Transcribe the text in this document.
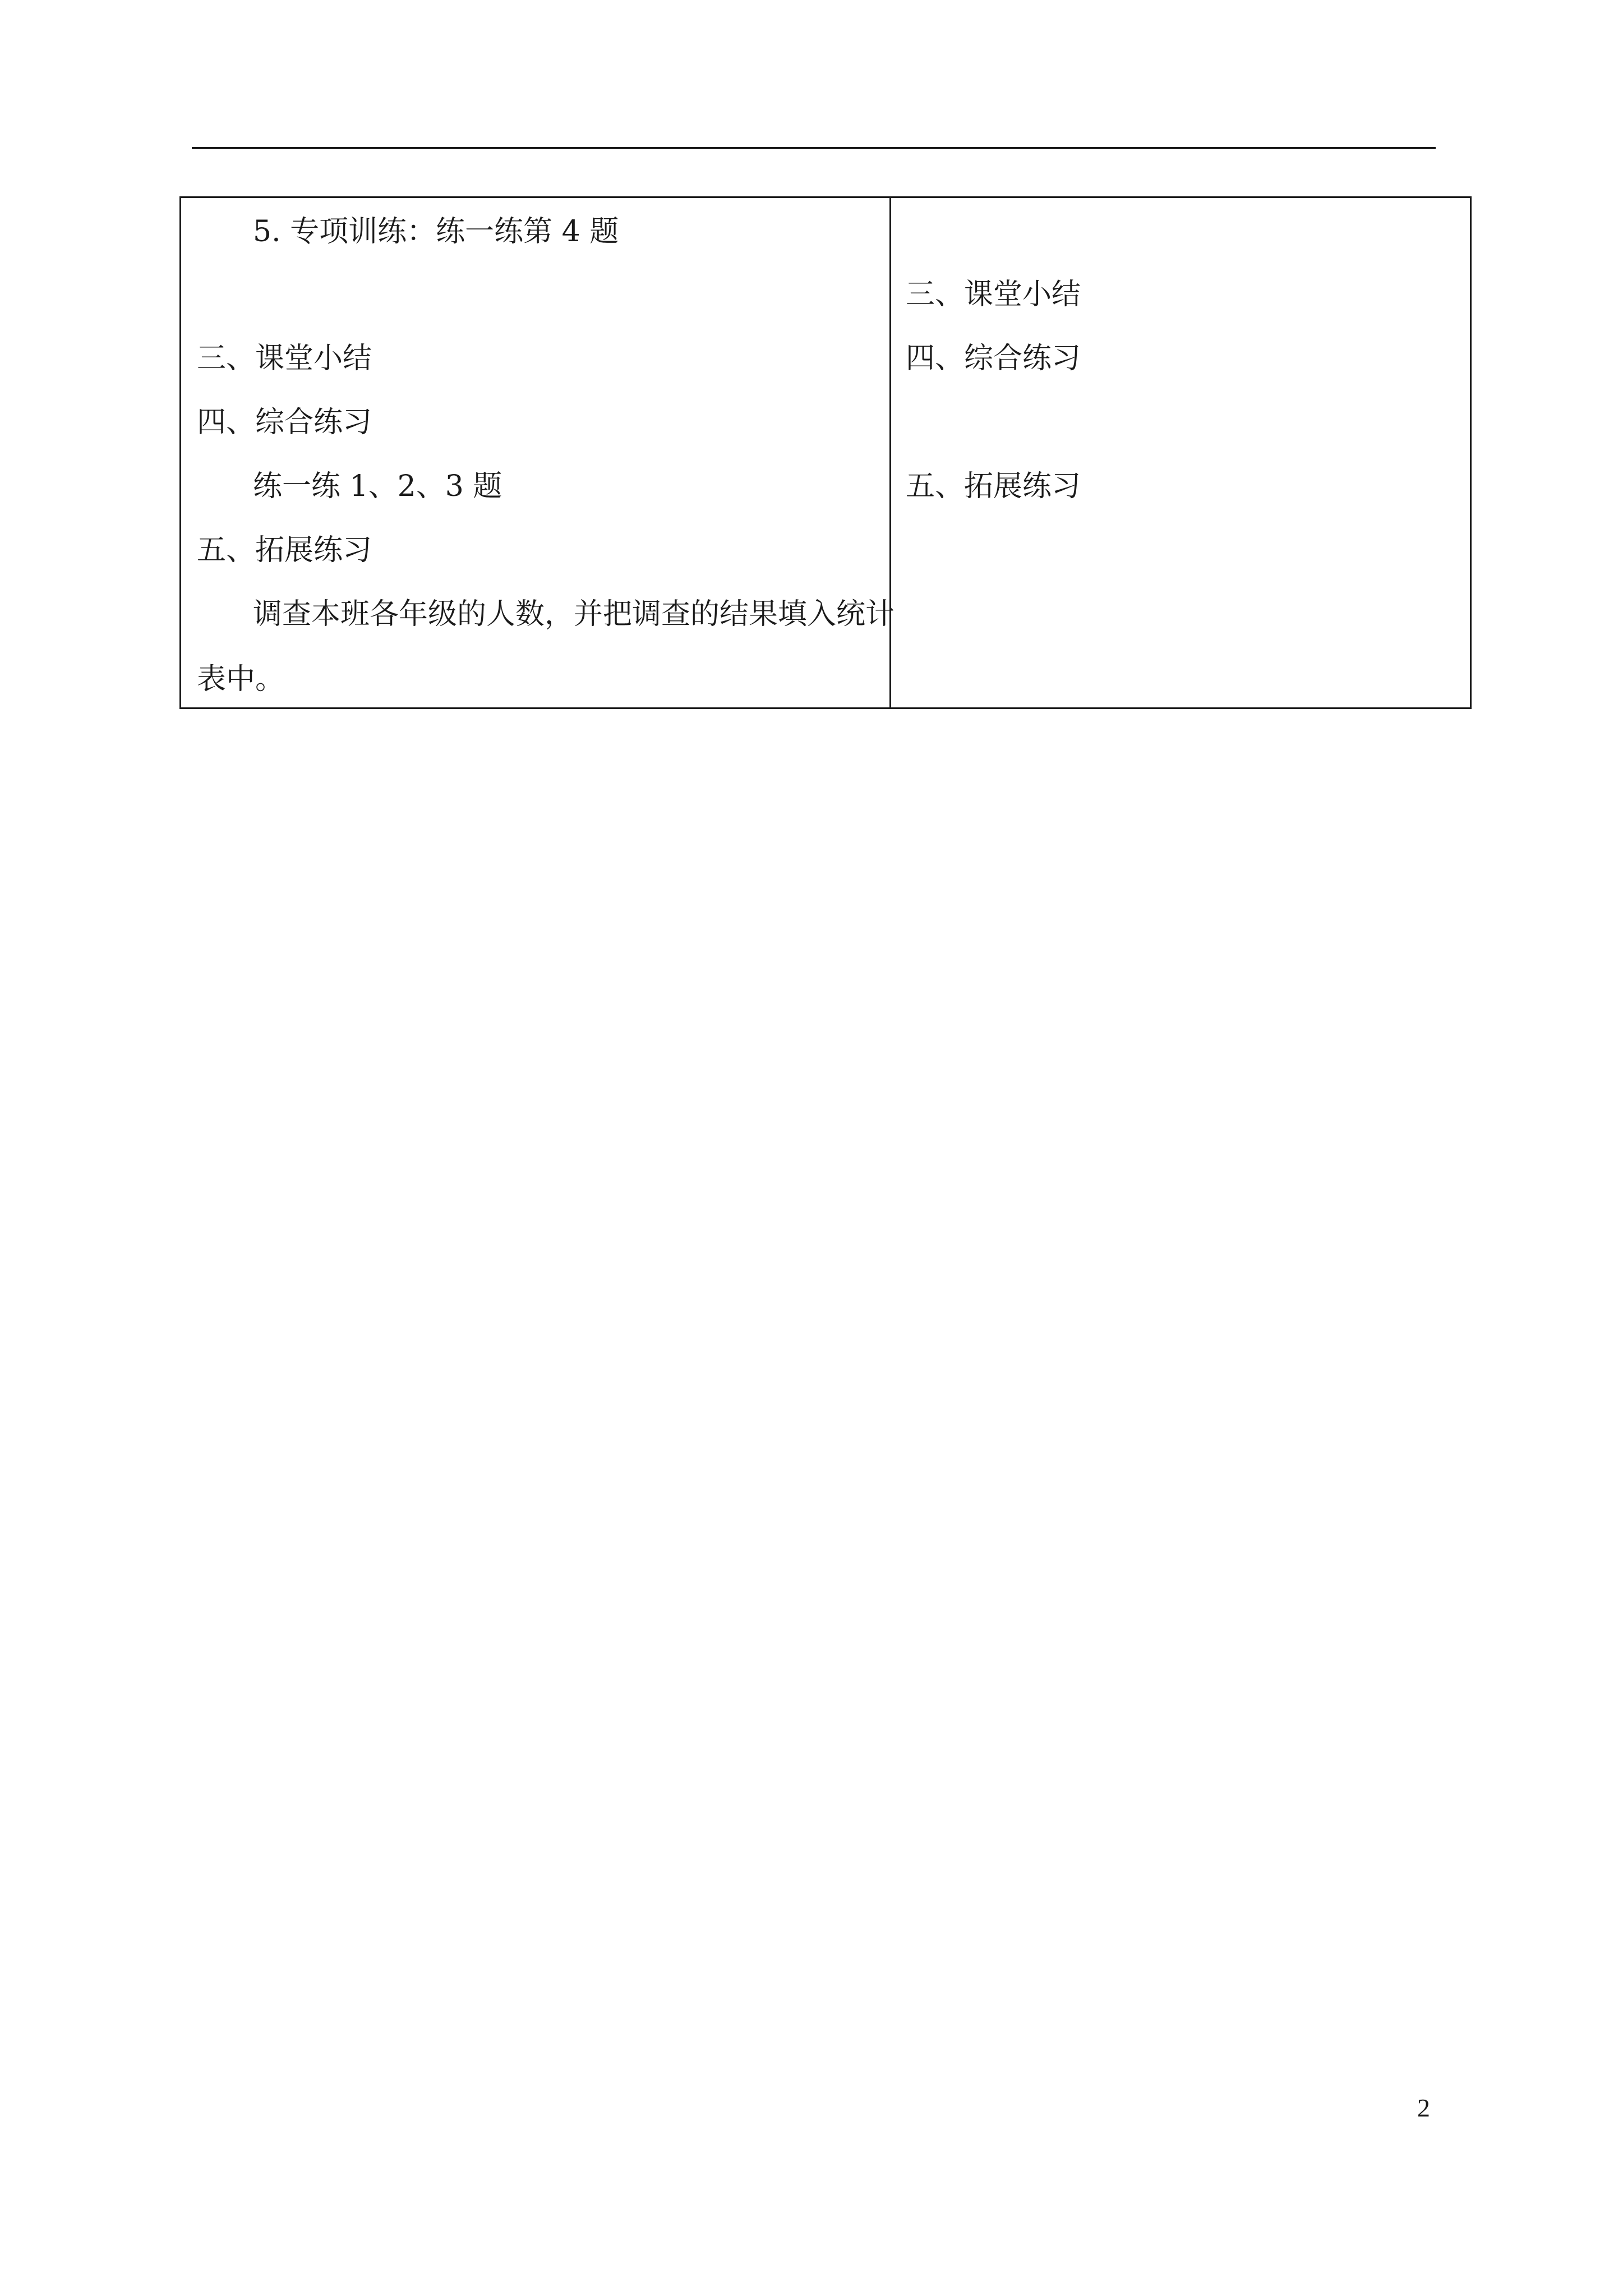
5. 专项训练：练一练第 4 题
三、课堂小结
四、综合练习
练一练 1、2、3 题
五、拓展练习
调查本班各年级的人数，并把调查的结果填入统计
表中。
三、课堂小结
四、综合练习
五、拓展练习
2
